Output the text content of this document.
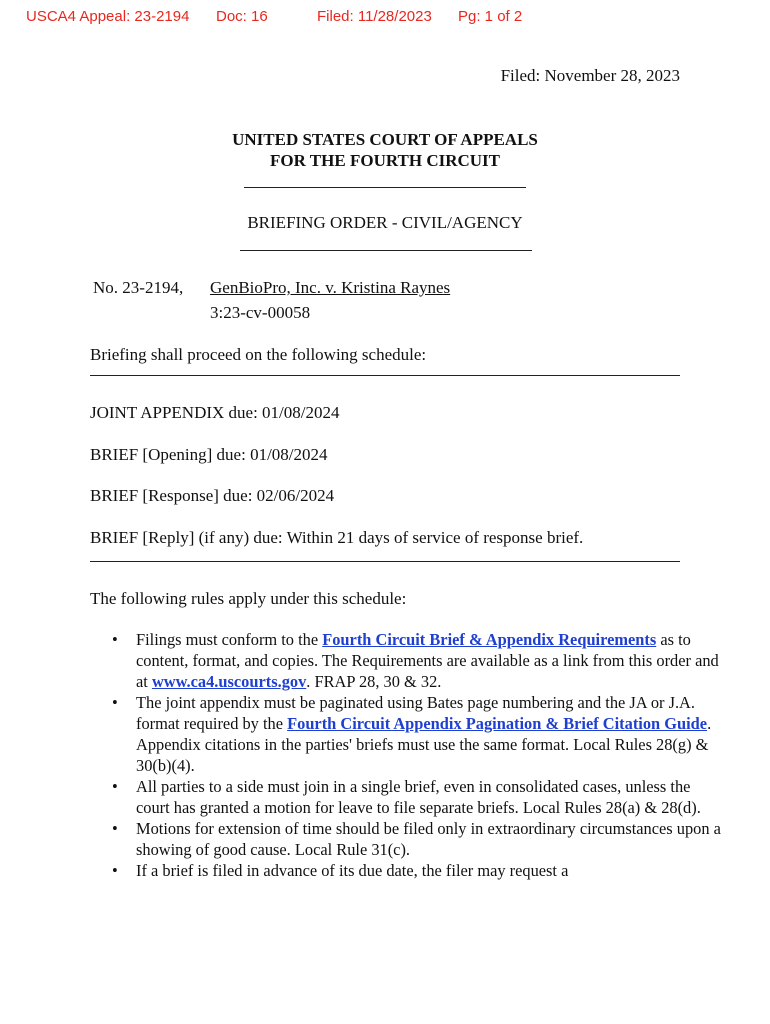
USCA4 Appeal: 23-2194 Doc: 16	Filed: 11/28/2023 Pg: 1 of 2
Filed: November 28, 2023
UNITED STATES COURT OF APPEALS
FOR THE FOURTH CIRCUIT
BRIEFING ORDER - CIVIL/AGENCY
No. 23-2194, GenBioPro, Inc. v. Kristina Raynes
3:23-cv-00058
Briefing shall proceed on the following schedule:
JOINT APPENDIX due: 01/08/2024
BRIEF [Opening] due: 01/08/2024
BRIEF [Response] due: 02/06/2024
BRIEF [Reply] (if any) due: Within 21 days of service of response brief.
The following rules apply under this schedule:
• Filings must conform to the Fourth Circuit Brief & Appendix Requirements as to content, format, and copies. The Requirements are available as a link from this order and at www.ca4.uscourts.gov. FRAP 28, 30 & 32.
• The joint appendix must be paginated using Bates page numbering and the JA or J.A. format required by the Fourth Circuit Appendix Pagination & Brief Citation Guide. Appendix citations in the parties' briefs must use the same format. Local Rules 28(g) & 30(b)(4).
• All parties to a side must join in a single brief, even in consolidated cases, unless the court has granted a motion for leave to file separate briefs. Local Rules 28(a) & 28(d).
• Motions for extension of time should be filed only in extraordinary circumstances upon a showing of good cause. Local Rule 31(c).
• If a brief is filed in advance of its due date, the filer may request a
